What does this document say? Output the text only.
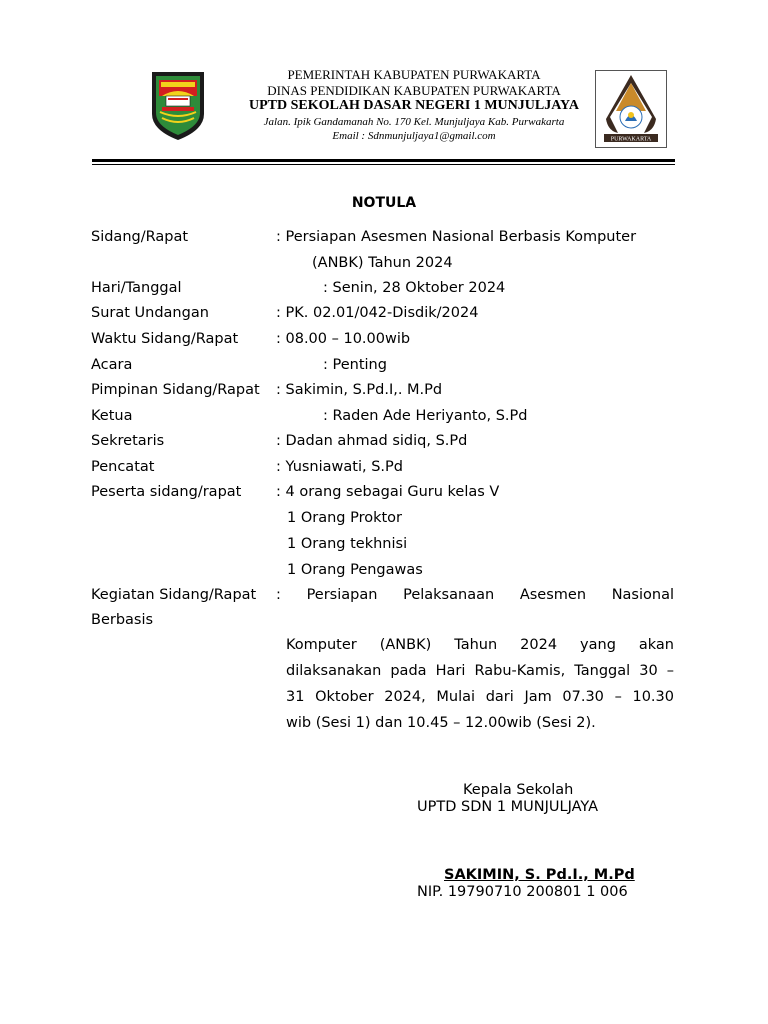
PEMERINTAH KABUPATEN PURWAKARTA
DINAS PENDIDIKAN KABUPATEN PURWAKARTA
UPTD SEKOLAH DASAR NEGERI 1 MUNJULJAYA
Jalan. Ipik Gandamanah No. 170 Kel. Munjuljaya Kab. Purwakarta
Email : Sdnmunjuljaya1@gmail.com	PURWAKARTA
NOTULA
Sidang/Rapat	: Persiapan Asesmen Nasional Berbasis Komputer
(ANBK) Tahun 2024
Hari/Tanggal	: Senin, 28 Oktober 2024
Surat Undangan	: PK. 02.01/042-Disdik/2024
Waktu Sidang/Rapat	: 08.00 – 10.00wib
Acara	: Penting
Pimpinan Sidang/Rapat : Sakimin, S.Pd.I,. M.Pd
Ketua	: Raden Ade Heriyanto, S.Pd
Sekretaris	: Dadan ahmad sidiq, S.Pd
Pencatat	: Yusniawati, S.Pd
Peserta sidang/rapat : 4 orang sebagai Guru kelas V
1 Orang Proktor
1 Orang tekhnisi
1 Orang Pengawas
Kegiatan Sidang/Rapat	: Persiapan Pelaksanaan Asesmen Nasional
Berbasis
Komputer (ANBK) Tahun 2024 yang akan
dilaksanakan pada Hari Rabu-Kamis, Tanggal 30 –
31 Oktober 2024, Mulai dari Jam 07.30 – 10.30
wib (Sesi 1) dan 10.45 – 12.00wib (Sesi 2).
Kepala Sekolah
UPTD SDN 1 MUNJULJAYA
SAKIMIN, S. Pd.I., M.Pd
NIP. 19790710 200801 1 006
